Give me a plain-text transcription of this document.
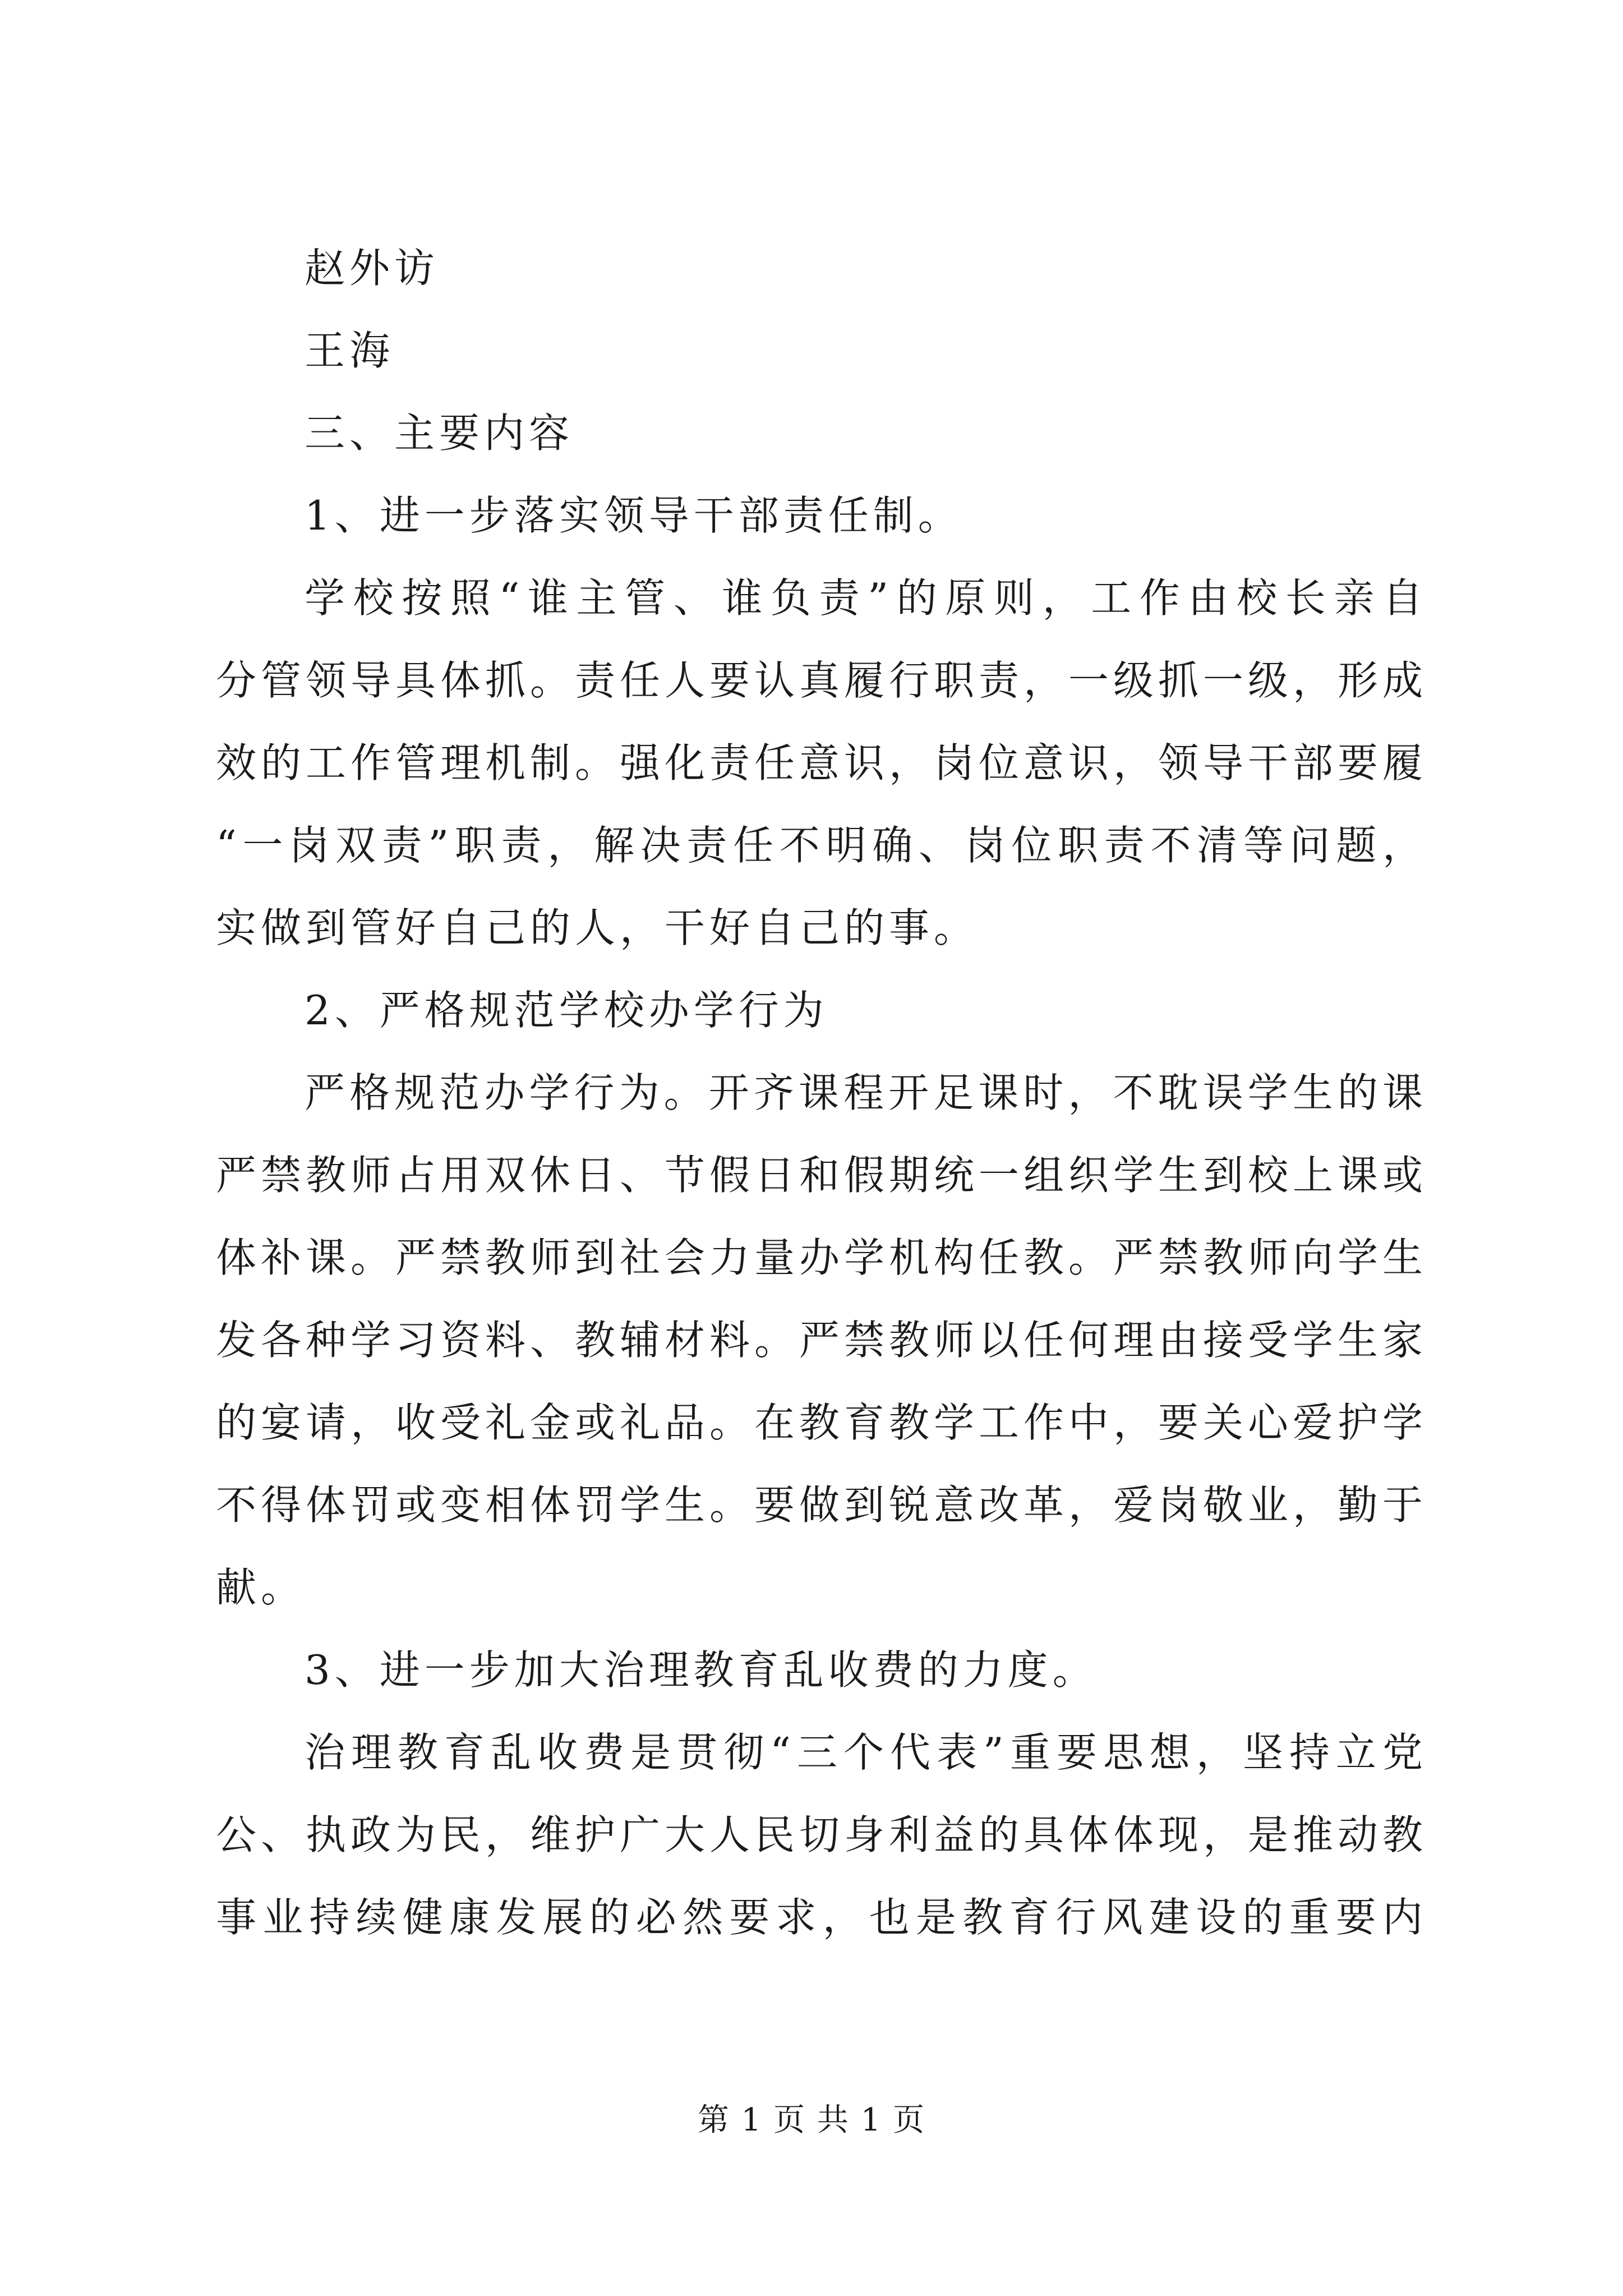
赵外访
王海
三、主要内容
1、进一步落实领导干部责任制。
学校按照“谁主管、谁负责”的原则，工作由校长亲自
分管领导具体抓。责任人要认真履行职责，一级抓一级，形成
效的工作管理机制。强化责任意识，岗位意识，领导干部要履
“一岗双责”职责，解决责任不明确、岗位职责不清等问题，
实做到管好自己的人，干好自己的事。
2、严格规范学校办学行为
严格规范办学行为。开齐课程开足课时，不耽误学生的课
严禁教师占用双休日、节假日和假期统一组织学生到校上课或
体补课。严禁教师到社会力量办学机构任教。严禁教师向学生
发各种学习资料、教辅材料。严禁教师以任何理由接受学生家
的宴请，收受礼金或礼品。在教育教学工作中，要关心爱护学
不得体罚或变相体罚学生。要做到锐意改革，爱岗敬业，勤于
献。
3、进一步加大治理教育乱收费的力度。
治理教育乱收费是贯彻“三个代表”重要思想，坚持立党
公、执政为民，维护广大人民切身利益的具体体现，是推动教
事业持续健康发展的必然要求，也是教育行风建设的重要内
第 1 页 共 1 页
